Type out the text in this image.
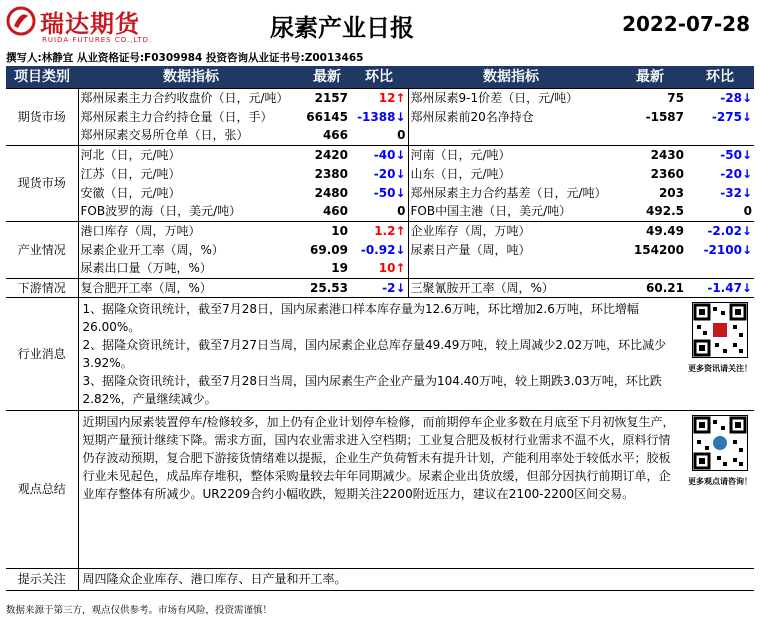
瑞达期货
RUIDA FUTURES CO.,LTD.	尿素产业日报	2022-07-28
撰写人:林静宜 从业资格证号:F0309984 投资咨询从业证书号:Z0013465
项目类别	数据指标	最新	环比	数据指标	最新	环比
期货市场	郑州尿素主力合约收盘价（日，元/吨）	2157	12↑	郑州尿素9-1价差（日，元/吨）	75	-28↓
	郑州尿素主力合约持仓量（日，手）	66145	-1388↓	郑州尿素前20名净持仓	-1587	-275↓
	郑州尿素交易所仓单（日，张）	466	0			
现货市场	河北（日，元/吨）	2420	-40↓	河南（日，元/吨）	2430	-50↓
	江苏（日，元/吨）	2380	-20↓	山东（日，元/吨）	2360	-20↓
	安徽（日，元/吨）	2480	-50↓	郑州尿素主力合约基差（日，元/吨）	203	-32↓
	FOB波罗的海（日，美元/吨）	460	0	FOB中国主港（日，美元/吨）	492.5	0
产业情况	港口库存（周，万吨）	10	1.2↑	企业库存（周，万吨）	49.49	-2.02↓
	尿素企业开工率（周，%）	69.09	-0.92↓	尿素日产量（周，吨）	154200	-2100↓
	尿素出口量（万吨，%）	19	10↑			
下游情况	复合肥开工率（周，%）	25.53	-2↓	三聚氰胺开工率（周，%）	60.21	-1.47↓
行业消息	1、据隆众资讯统计，截至7月28日，国内尿素港口样本库存量为12.6万吨，环比增加2.6万吨，环比增幅26.00%。
2、据隆众资讯统计，截至7月27日当周，国内尿素企业总库存量49.49万吨，较上周减少2.02万吨，环比减少3.92%。
3、据隆众资讯统计，截至7月28日当周，国内尿素生产企业产量为104.40万吨，较上期跌3.03万吨，环比跌2.82%，产量继续减少。					更多资讯请关注！

观点总结	近期国内尿素装置停车/检修较多，加上仍有企业计划停车检修，而前期停车企业多数在月底至下月初恢复生产，短期产量预计继续下降。需求方面，国内农业需求进入空档期；工业复合肥及板材行业需求不温不火，原料行情仍存波动预期，复合肥下游接货情绪难以提振，企业生产负荷暂未有提升计划，产能利用率处于较低水平；胶板行业未见起色，成品库存堆积，整体采购量较去年年同期减少。尿素企业出货放缓，但部分因执行前期订单，企业库存整体有所减少。UR2209合约小幅收跌，短期关注2200附近压力，建议在2100-2200区间交易。					更多观点请咨询！

提示关注	周四隆众企业库存、港口库存、日产量和开工率。					
数据来源于第三方，观点仅供参考。市场有风险，投资需谨慎！
